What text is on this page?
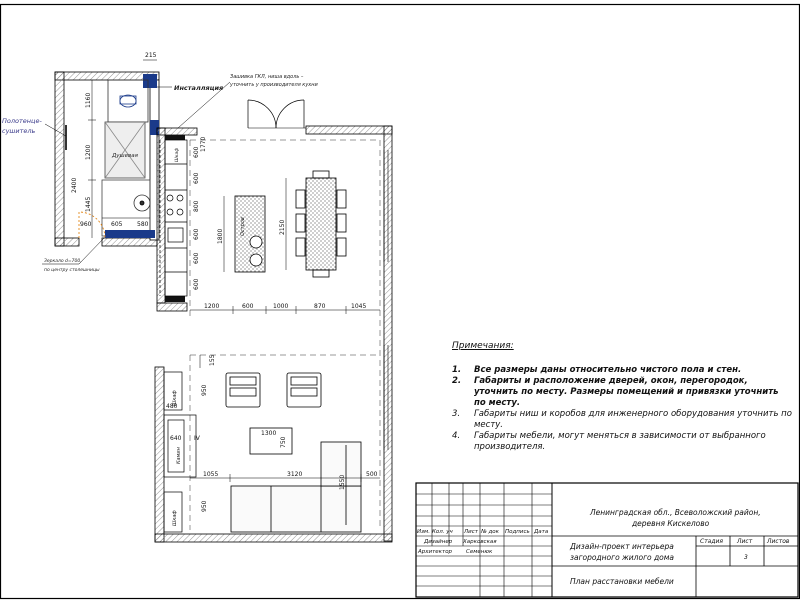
Полотенце-
сушитель
Инсталляция
Зашивка ГКЛ, ниша вдоль –
уточнить у производителя кухни
Душевая
Зеркало d=700,
по центру столешницы
Остров
Шкаф
Камин
Шкаф
Шкаф
215
1160
1200
2400
1445
960	605 580
1770
600
600
800
600
600
600
1800
2150
1200	600	1000	870	1045
155
950
480
640 IV
1300
750
1055	3120
1550
500
950
Изм. Кол. уч Лист № док Подпись Дата
Дизайнер Харковская
Архитектор	Семенюк
Ленинградская обл., Всеволожский район,
деревня Кискелово
Дизайн-проект интерьера
загородного жилого дома
План расстановки мебели
Стадия Лист Листов
3
Примечания:
1. Все размеры даны относительно чистого пола и стен.
2. Габариты и расположение дверей, окон, перегородок, уточнить по месту. Размеры помещений и привязки уточнить по месту.
3. Габариты ниш и коробов для инженерного оборудования уточнить по месту.
4. Габариты мебели, могут меняться в зависимости от выбранного производителя.
